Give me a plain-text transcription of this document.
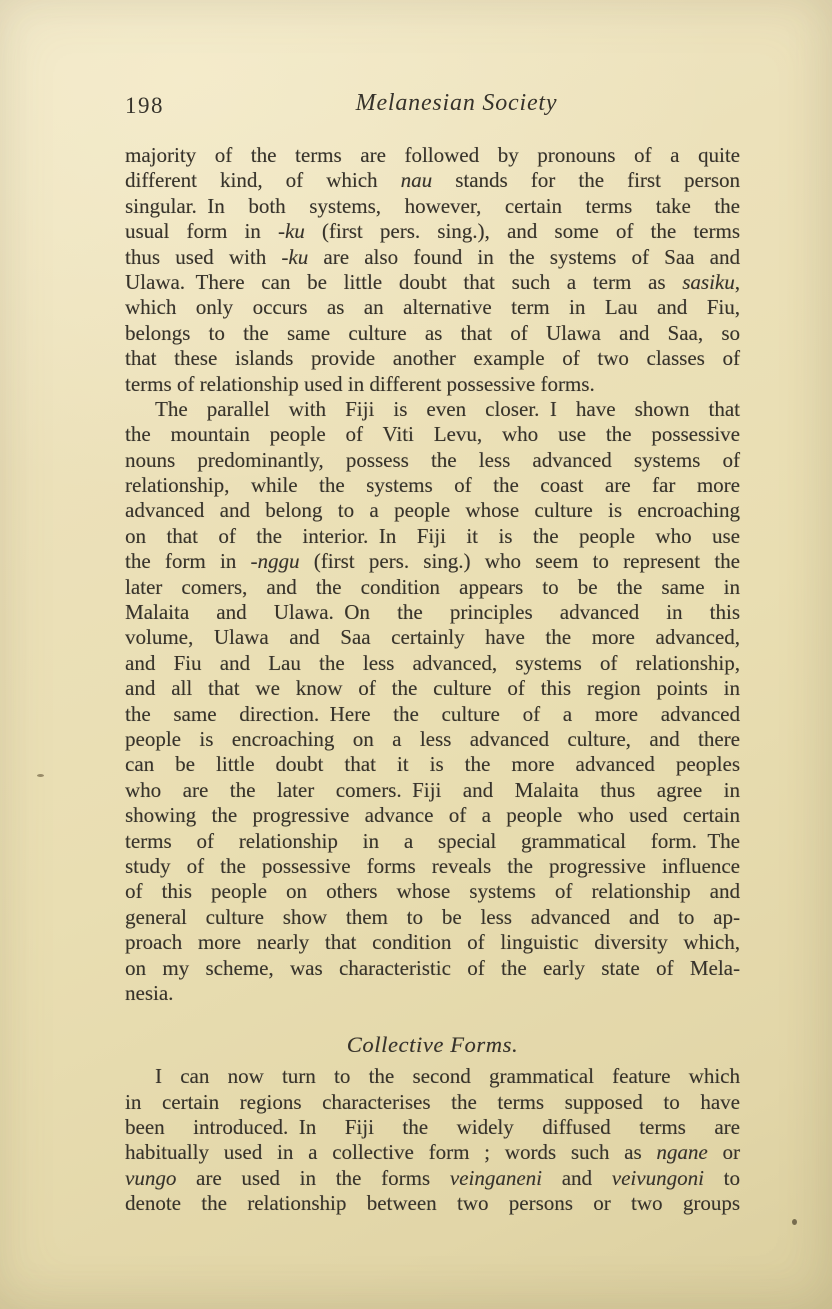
198	Melanesian Society
majority of the terms are followed by pronouns of a quite
different kind, of which nau stands for the first person
singular. In both systems, however, certain terms take the
usual form in -ku (first pers. sing.), and some of the terms
thus used with -ku are also found in the systems of Saa and
Ulawa. There can be little doubt that such a term as sasiku,
which only occurs as an alternative term in Lau and Fiu,
belongs to the same culture as that of Ulawa and Saa, so
that these islands provide another example of two classes of
terms of relationship used in different possessive forms.
The parallel with Fiji is even closer. I have shown that
the mountain people of Viti Levu, who use the possessive
nouns predominantly, possess the less advanced systems of
relationship, while the systems of the coast are far more
advanced and belong to a people whose culture is encroaching
on that of the interior. In Fiji it is the people who use
the form in -nggu (first pers. sing.) who seem to represent the
later comers, and the condition appears to be the same in
Malaita and Ulawa. On the principles advanced in this
volume, Ulawa and Saa certainly have the more advanced,
and Fiu and Lau the less advanced, systems of relationship,
and all that we know of the culture of this region points in
the same direction. Here the culture of a more advanced
people is encroaching on a less advanced culture, and there
can be little doubt that it is the more advanced peoples
who are the later comers. Fiji and Malaita thus agree in
showing the progressive advance of a people who used certain
terms of relationship in a special grammatical form. The
study of the possessive forms reveals the progressive influence
of this people on others whose systems of relationship and
general culture show them to be less advanced and to ap-
proach more nearly that condition of linguistic diversity which,
on my scheme, was characteristic of the early state of Mela-
nesia.
Collective Forms.
I can now turn to the second grammatical feature which
in certain regions characterises the terms supposed to have
been introduced. In Fiji the widely diffused terms are
habitually used in a collective form ; words such as ngane or
vungo are used in the forms veinganeni and veivungoni to
denote the relationship between two persons or two groups
